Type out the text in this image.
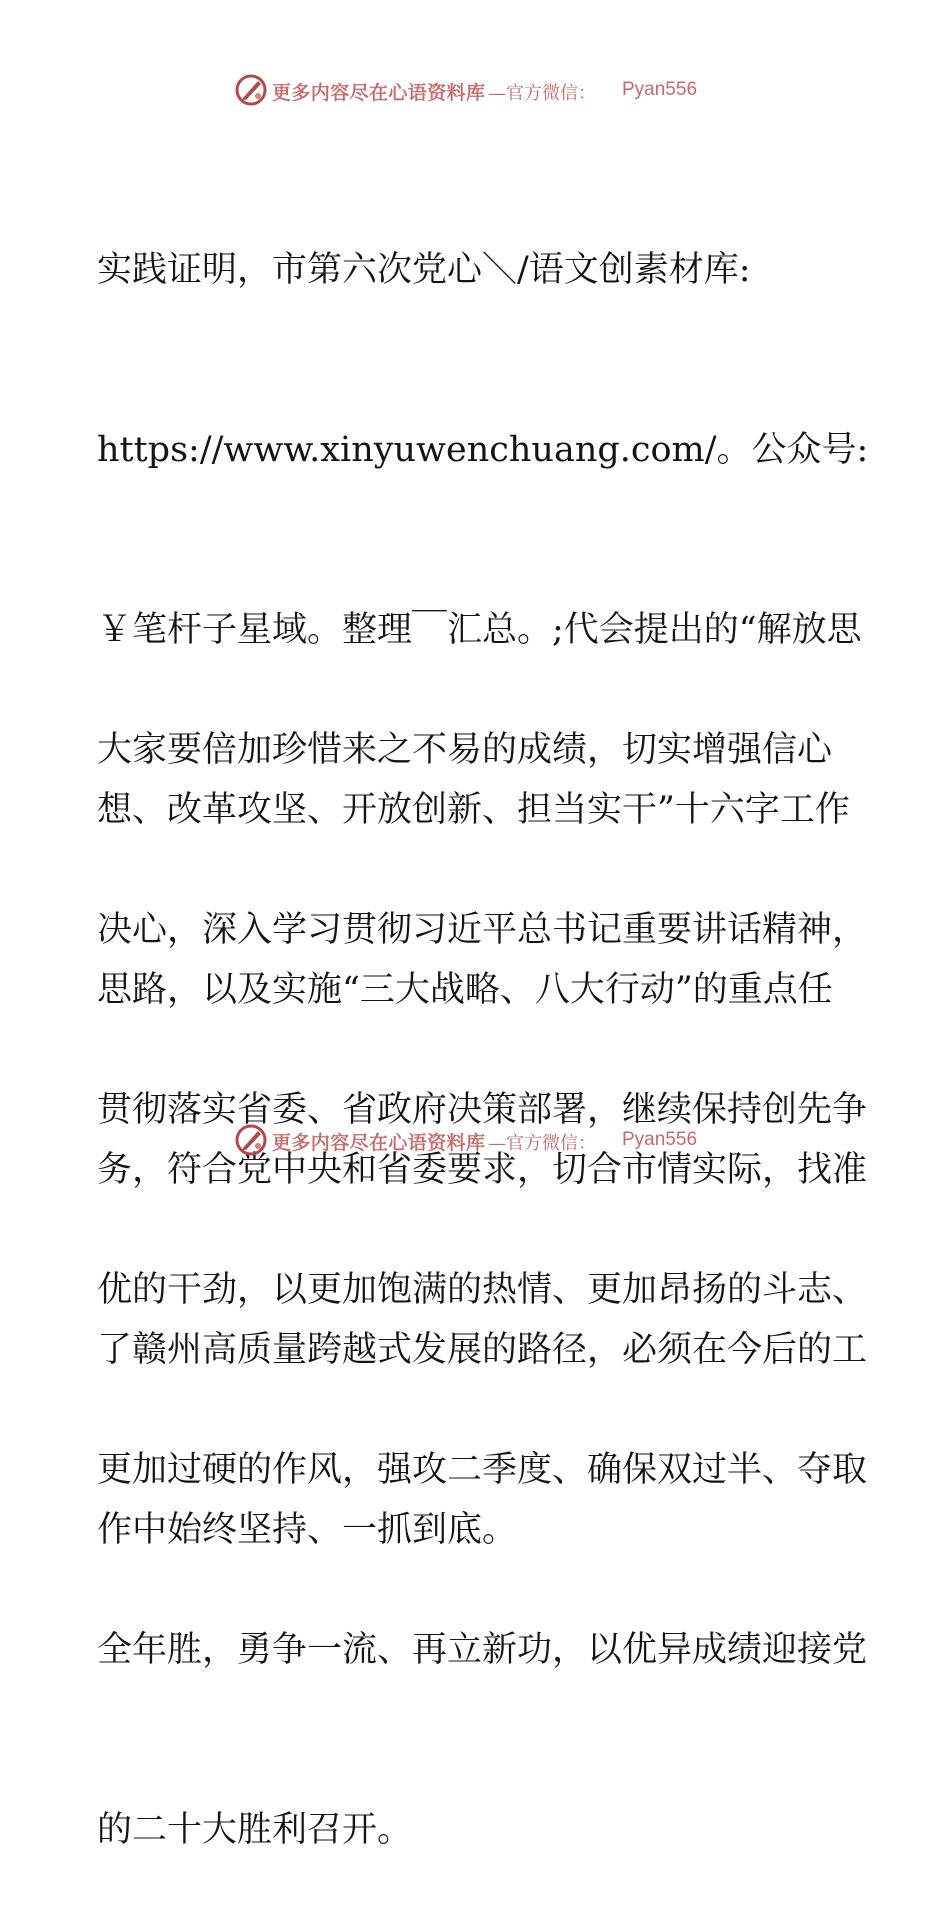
更多内容尽在心语资料库 —官方微信： Pyan556

实践证明，市第六次党心＼/语文创素材库:

https://www.xinyuwenchuang.com/。公众号:

￥笔杆子星域。整理￣汇总。;代会提出的“解放思

想、改革攻坚、开放创新、担当实干”十六字工作

思路，以及实施“三大战略、八大行动”的重点任

务，符合党中央和省委要求，切合市情实际，找准

了赣州高质量跨越式发展的路径，必须在今后的工

作中始终坚持、一抓到底。

大家要倍加珍惜来之不易的成绩，切实增强信心

决心，深入学习贯彻习近平总书记重要讲话精神，

贯彻落实省委、省政府决策部署，继续保持创先争

优的干劲，以更加饱满的热情、更加昂扬的斗志、

更加过硬的作风，强攻二季度、确保双过半、夺取

全年胜，勇争一流、再立新功，以优异成绩迎接党

的二十大胜利召开。

更多内容尽在心语资料库 —官方微信： Pyan556
